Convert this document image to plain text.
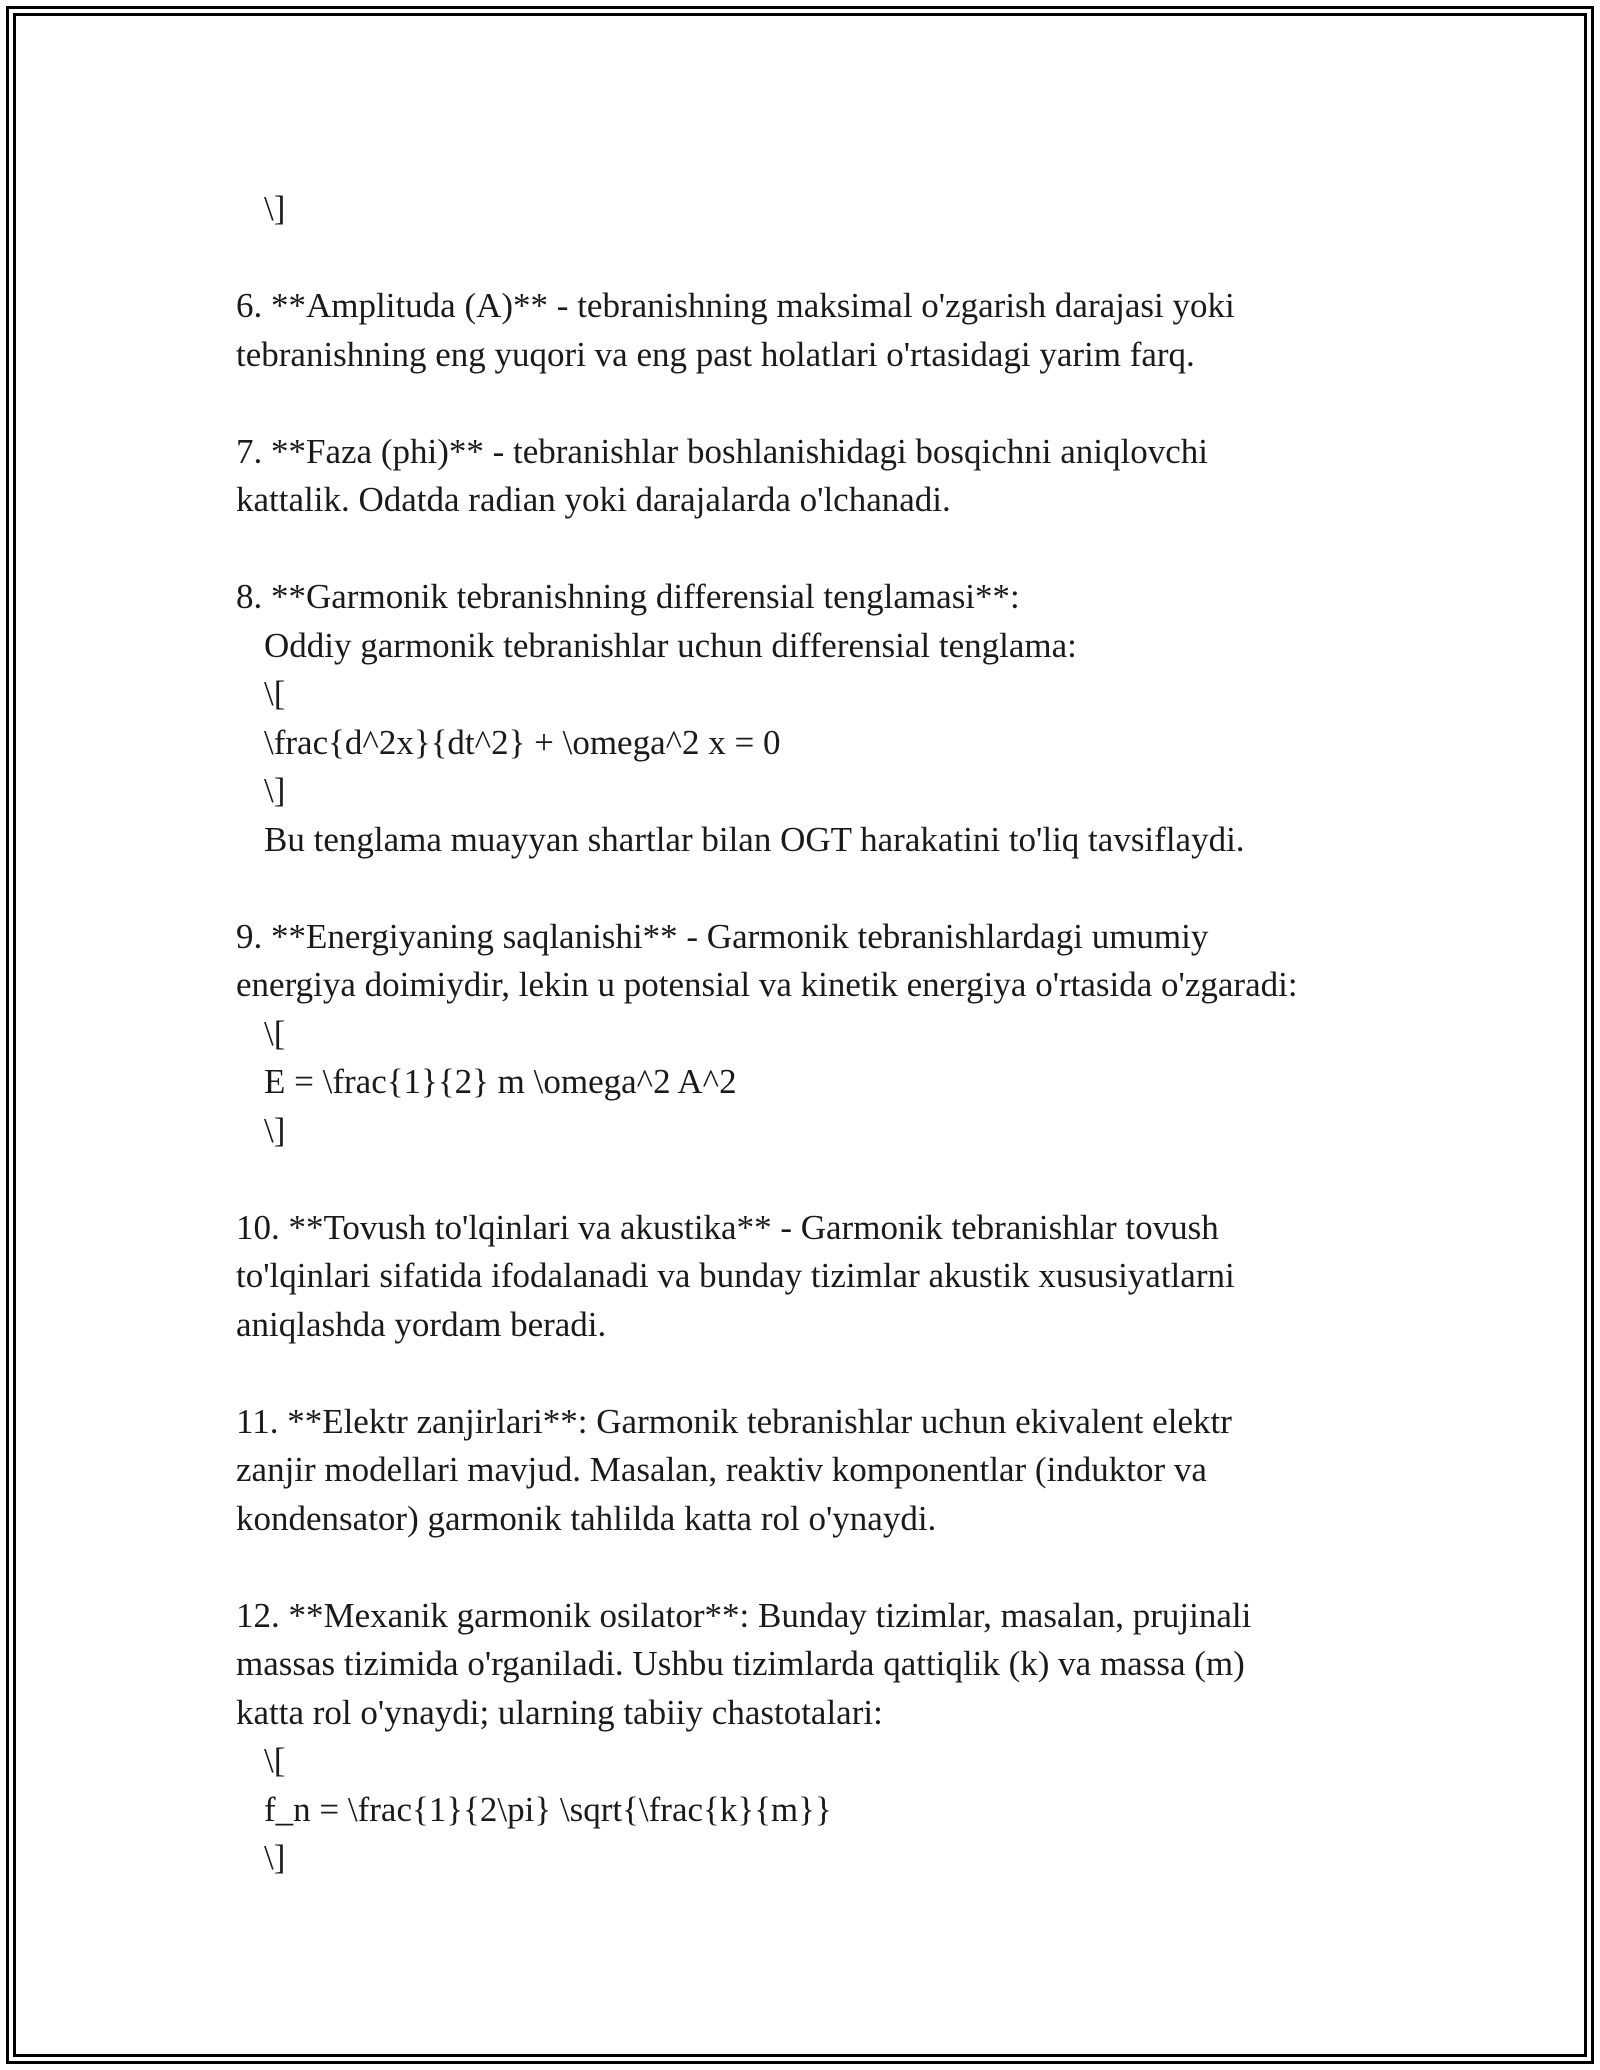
\]
6. **Amplituda (A)** - tebranishning maksimal o'zgarish darajasi yoki
tebranishning eng yuqori va eng past holatlari o'rtasidagi yarim farq.
7. **Faza (phi)** - tebranishlar boshlanishidagi bosqichni aniqlovchi
kattalik. Odatda radian yoki darajalarda o'lchanadi.
8. **Garmonik tebranishning differensial tenglamasi**:
Oddiy garmonik tebranishlar uchun differensial tenglama:
\[
\frac{d^2x}{dt^2} + \omega^2 x = 0
\]
Bu tenglama muayyan shartlar bilan OGT harakatini to'liq tavsiflaydi.
9. **Energiyaning saqlanishi** - Garmonik tebranishlardagi umumiy
energiya doimiydir, lekin u potensial va kinetik energiya o'rtasida o'zgaradi:
\[
E = \frac{1}{2} m \omega^2 A^2
\]
10. **Tovush to'lqinlari va akustika** - Garmonik tebranishlar tovush
to'lqinlari sifatida ifodalanadi va bunday tizimlar akustik xususiyatlarni
aniqlashda yordam beradi.
11. **Elektr zanjirlari**: Garmonik tebranishlar uchun ekivalent elektr
zanjir modellari mavjud. Masalan, reaktiv komponentlar (induktor va
kondensator) garmonik tahlilda katta rol o'ynaydi.
12. **Mexanik garmonik osilator**: Bunday tizimlar, masalan, prujinali
massas tizimida o'rganiladi. Ushbu tizimlarda qattiqlik (k) va massa (m)
katta rol o'ynaydi; ularning tabiiy chastotalari:
\[
f_n = \frac{1}{2\pi} \sqrt{\frac{k}{m}}
\]
